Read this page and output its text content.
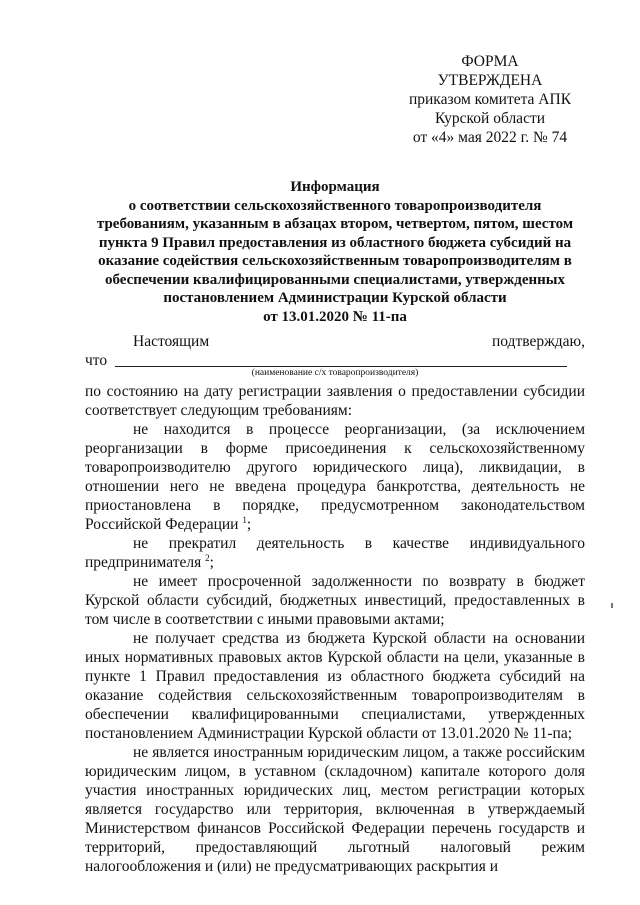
ФОРМА
УТВЕРЖДЕНА
приказом комитета АПК
Курской области
от «4» мая 2022 г. № 74
Информация
о соответствии сельскохозяйственного товаропроизводителя
требованиям, указанным в абзацах втором, четвертом, пятом, шестом
пункта 9 Правил предоставления из областного бюджета субсидий на
оказание содействия сельскохозяйственным товаропроизводителям в
обеспечении квалифицированными специалистами, утвержденных
постановлением Администрации Курской области
от 13.01.2020 № 11-па
Настоящим	подтверждаю,
что
(наименование с/х товаропроизводителя)

по состоянию на дату регистрации заявления о предоставлении субсидии соответствует следующим требованиям:

не находится в процессе реорганизации, (за исключением реорганизации в форме присоединения к сельскохозяйственному товаропроизводителю другого юридического лица), ликвидации, в отношении него не введена процедура банкротства, деятельность не приостановлена в порядке, предусмотренном законодательством Российской Федерации $^1$;

не прекратил деятельность в качестве индивидуального предпринимателя $^2$;

не имеет просроченной задолженности по возврату в бюджет Курской области субсидий, бюджетных инвестиций, предоставленных в том числе в соответствии с иными правовыми актами;

не получает средства из бюджета Курской области на основании иных нормативных правовых актов Курской области на цели, указанные в пункте 1 Правил предоставления из областного бюджета субсидий на оказание содействия сельскохозяйственным товаропроизводителям в обеспечении квалифицированными специалистами, утвержденных постановлением Администрации Курской области от 13.01.2020 № 11-па;

не является иностранным юридическим лицом, а также российским юридическим лицом, в уставном (складочном) капитале которого доля участия иностранных юридических лиц, местом регистрации которых является государство или территория, включенная в утверждаемый Министерством финансов Российской Федерации перечень государств и территорий, предоставляющий льготный налоговый режим налогообложения и (или) не предусматривающих раскрытия и
